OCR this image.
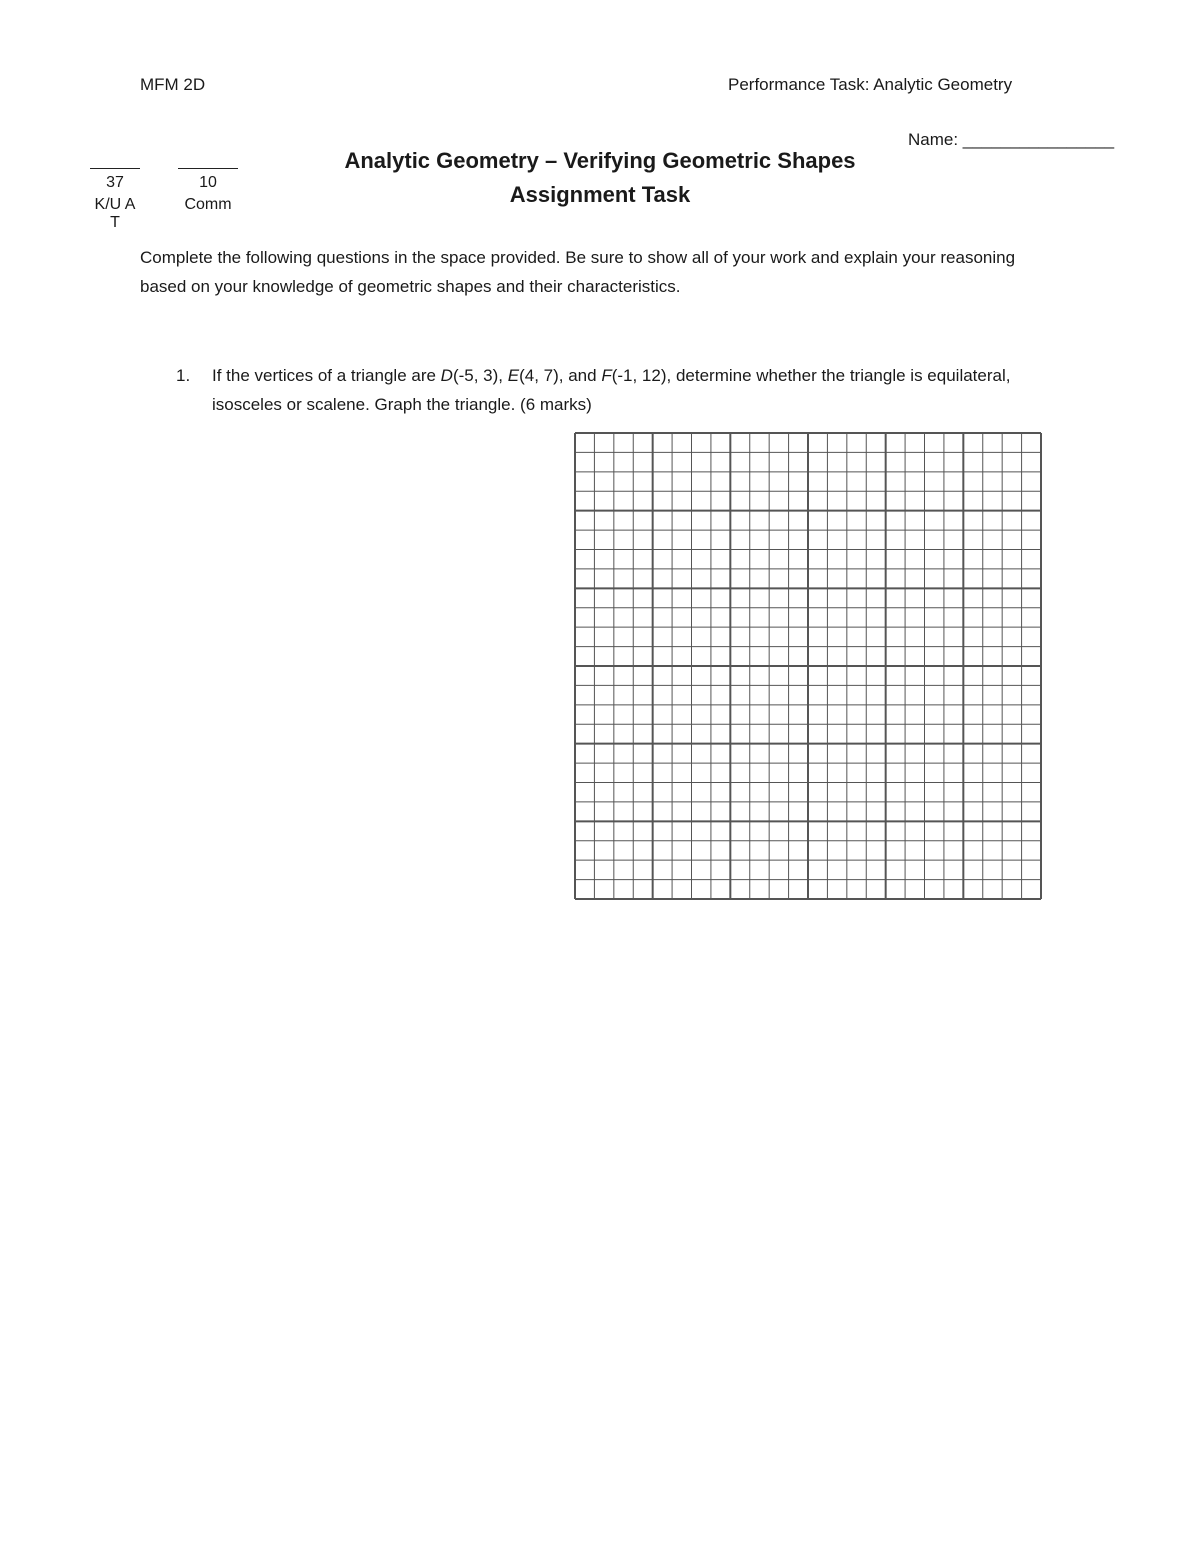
MFM 2D	Performance Task: Analytic Geometry
Name: ________________
37
K/U A T
10
Comm
Analytic Geometry – Verifying Geometric Shapes
Assignment Task
Complete the following questions in the space provided. Be sure to show all of your work and explain your reasoning based on your knowledge of geometric shapes and their characteristics.
1. If the vertices of a triangle are D(-5, 3), E(4, 7), and F(-1, 12), determine whether the triangle is equilateral, isosceles or scalene. Graph the triangle. (6 marks)
